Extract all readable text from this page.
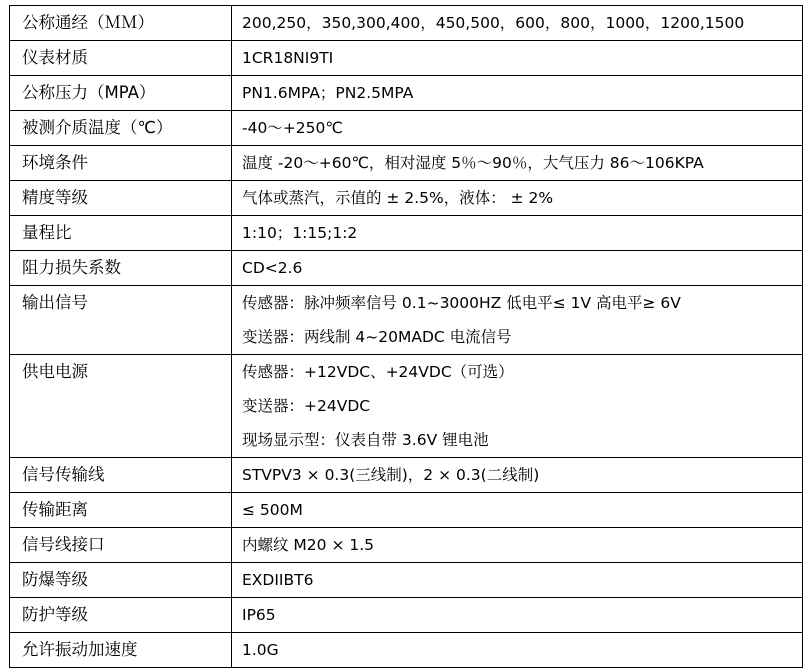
公称通经（ＭＭ）	200,250，350,300,400，450,500，600，800，1000，1200,1500

仪表材质	1CR18NI9TI

公称压力（MPA）	PN1.6MPA；PN2.5MPA

被测介质温度（℃）	-40～+250℃

环境条件	温度 -20～+60℃，相对湿度 5％～90％，大气压力 86～106KPA

精度等级	气体或蒸汽，示值的 ± 2.5%，液体： ± 2%

量程比	1:10；1:15;1:2

阻力损失系数	CD<2.6

输出信号	传感器：脉冲频率信号 0.1~3000HZ 低电平≤ 1V 高电平≥ 6V
变送器：两线制 4~20MADC 电流信号

供电电源	传感器：+12VDC、+24VDC（可选）
变送器：+24VDC
现场显示型：仪表自带 3.6V 锂电池

信号传输线	STVPV3 × 0.3(三线制)，2 × 0.3(二线制)

传输距离	≤ 500M

信号线接口	内螺纹 M20 × 1.5

防爆等级	EXDIIBT6

防护等级	IP65

允许振动加速度	1.0G
